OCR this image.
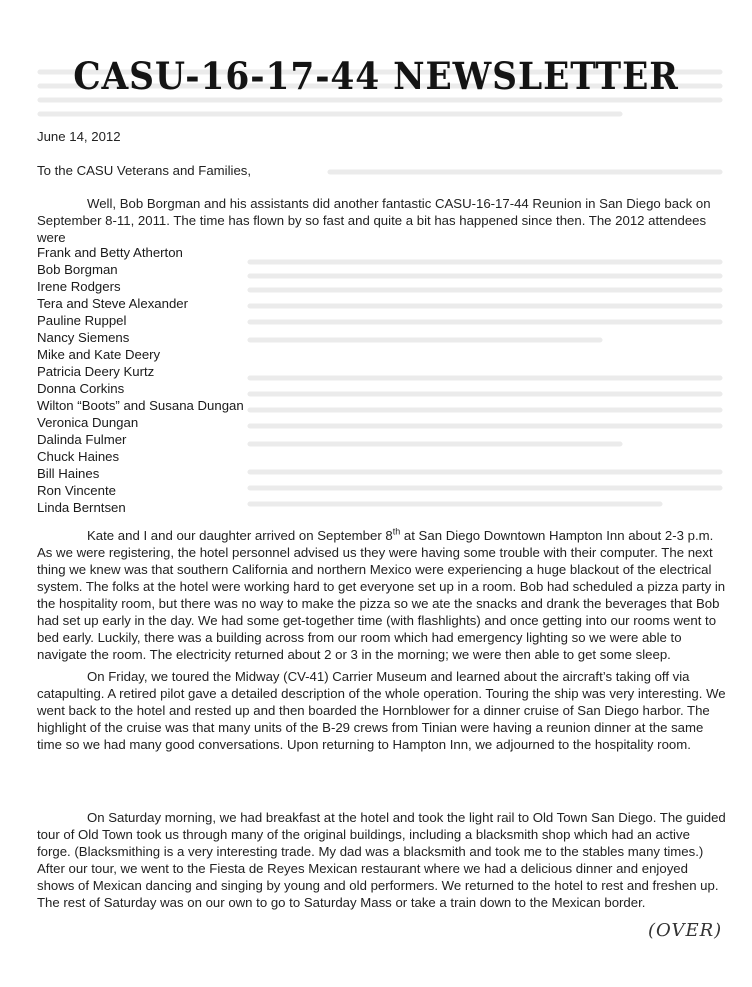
CASU-16-17-44 NEWSLETTER
June 14, 2012
To the CASU Veterans and Families,
Well, Bob Borgman and his assistants did another fantastic CASU-16-17-44 Reunion in San Diego back on September 8-11, 2011. The time has flown by so fast and quite a bit has happened since then. The 2012 attendees were
Frank and Betty Atherton
Bob Borgman
Irene Rodgers
Tera and Steve Alexander
Pauline Ruppel
Nancy Siemens
Mike and Kate Deery
Patricia Deery Kurtz
Donna Corkins
Wilton “Boots” and Susana Dungan
Veronica Dungan
Dalinda Fulmer
Chuck Haines
Bill Haines
Ron Vincente
Linda Berntsen
Kate and I and our daughter arrived on September 8th at San Diego Downtown Hampton Inn about 2-3 p.m. As we were registering, the hotel personnel advised us they were having some trouble with their computer. The next thing we knew was that southern California and northern Mexico were experiencing a huge blackout of the electrical system. The folks at the hotel were working hard to get everyone set up in a room. Bob had scheduled a pizza party in the hospitality room, but there was no way to make the pizza so we ate the snacks and drank the beverages that Bob had set up early in the day. We had some get-together time (with flashlights) and once getting into our rooms went to bed early. Luckily, there was a building across from our room which had emergency lighting so we were able to navigate the room. The electricity returned about 2 or 3 in the morning; we were then able to get some sleep.
On Friday, we toured the Midway (CV-41) Carrier Museum and learned about the aircraft’s taking off via catapulting. A retired pilot gave a detailed description of the whole operation. Touring the ship was very interesting. We went back to the hotel and rested up and then boarded the Hornblower for a dinner cruise of San Diego harbor. The highlight of the cruise was that many units of the B-29 crews from Tinian were having a reunion dinner at the same time so we had many good conversations. Upon returning to Hampton Inn, we adjourned to the hospitality room.
On Saturday morning, we had breakfast at the hotel and took the light rail to Old Town San Diego. The guided tour of Old Town took us through many of the original buildings, including a blacksmith shop which had an active forge. (Blacksmithing is a very interesting trade. My dad was a blacksmith and took me to the stables many times.) After our tour, we went to the Fiesta de Reyes Mexican restaurant where we had a delicious dinner and enjoyed shows of Mexican dancing and singing by young and old performers. We returned to the hotel to rest and freshen up. The rest of Saturday was on our own to go to Saturday Mass or take a train down to the Mexican border.
(OVER)
